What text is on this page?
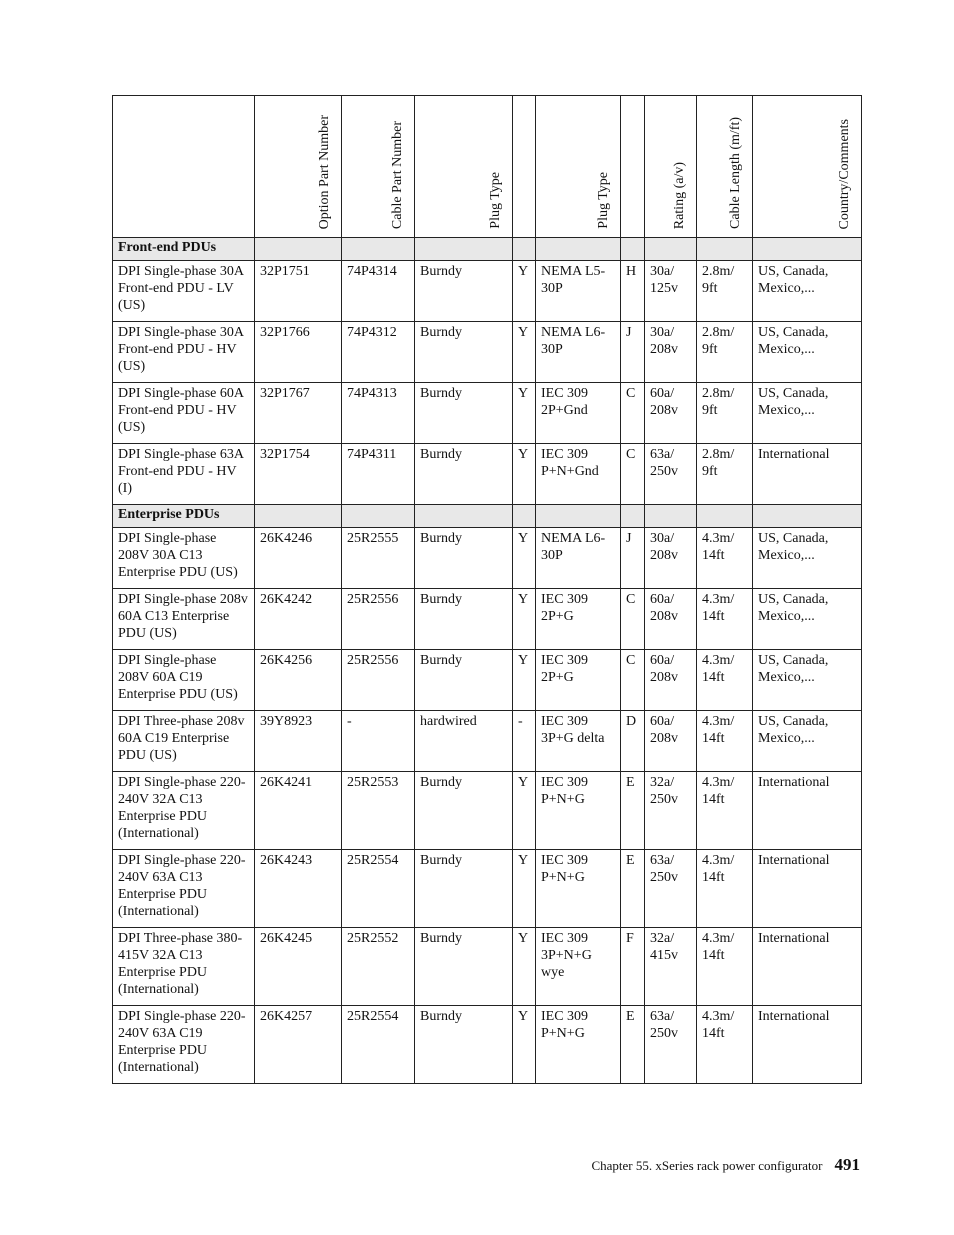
	Option Part Number	Cable Part Number	Plug Type		Plug Type		Rating (a/v)	Cable Length (m/ft)	Country/Comments

Front-end PDUs									
DPI Single-phase 30A Front-end PDU - LV (US)	32P1751	74P4314	Burndy	Y	NEMA L5-30P	H	30a/ 125v	2.8m/ 9ft	US, Canada, Mexico,...
DPI Single-phase 30A Front-end PDU - HV (US)	32P1766	74P4312	Burndy	Y	NEMA L6-30P	J	30a/ 208v	2.8m/ 9ft	US, Canada, Mexico,...
DPI Single-phase 60A Front-end PDU - HV (US)	32P1767	74P4313	Burndy	Y	IEC 309 2P+Gnd	C	60a/ 208v	2.8m/ 9ft	US, Canada, Mexico,...
DPI Single-phase 63A Front-end PDU - HV (I)	32P1754	74P4311	Burndy	Y	IEC 309 P+N+Gnd	C	63a/ 250v	2.8m/ 9ft	International
Enterprise PDUs									
DPI Single-phase 208V 30A C13 Enterprise PDU (US)	26K4246	25R2555	Burndy	Y	NEMA L6-30P	J	30a/ 208v	4.3m/ 14ft	US, Canada, Mexico,...
DPI Single-phase 208v 60A C13 Enterprise PDU (US)	26K4242	25R2556	Burndy	Y	IEC 309 2P+G	C	60a/ 208v	4.3m/ 14ft	US, Canada, Mexico,...
DPI Single-phase 208V 60A C19 Enterprise PDU (US)	26K4256	25R2556	Burndy	Y	IEC 309 2P+G	C	60a/ 208v	4.3m/ 14ft	US, Canada, Mexico,...
DPI Three-phase 208v 60A C19 Enterprise PDU (US)	39Y8923	-	hardwired	-	IEC 309 3P+G delta	D	60a/ 208v	4.3m/ 14ft	US, Canada, Mexico,...
DPI Single-phase 220-240V 32A C13 Enterprise PDU (International)	26K4241	25R2553	Burndy	Y	IEC 309 P+N+G	E	32a/ 250v	4.3m/ 14ft	International
DPI Single-phase 220-240V 63A C13 Enterprise PDU (International)	26K4243	25R2554	Burndy	Y	IEC 309 P+N+G	E	63a/ 250v	4.3m/ 14ft	International
DPI Three-phase 380-415V 32A C13 Enterprise PDU (International)	26K4245	25R2552	Burndy	Y	IEC 309 3P+N+G wye	F	32a/ 415v	4.3m/ 14ft	International
DPI Single-phase 220-240V 63A C19 Enterprise PDU (International)	26K4257	25R2554	Burndy	Y	IEC 309 P+N+G	E	63a/ 250v	4.3m/ 14ft	International
Chapter 55. xSeries rack power configurator 491
